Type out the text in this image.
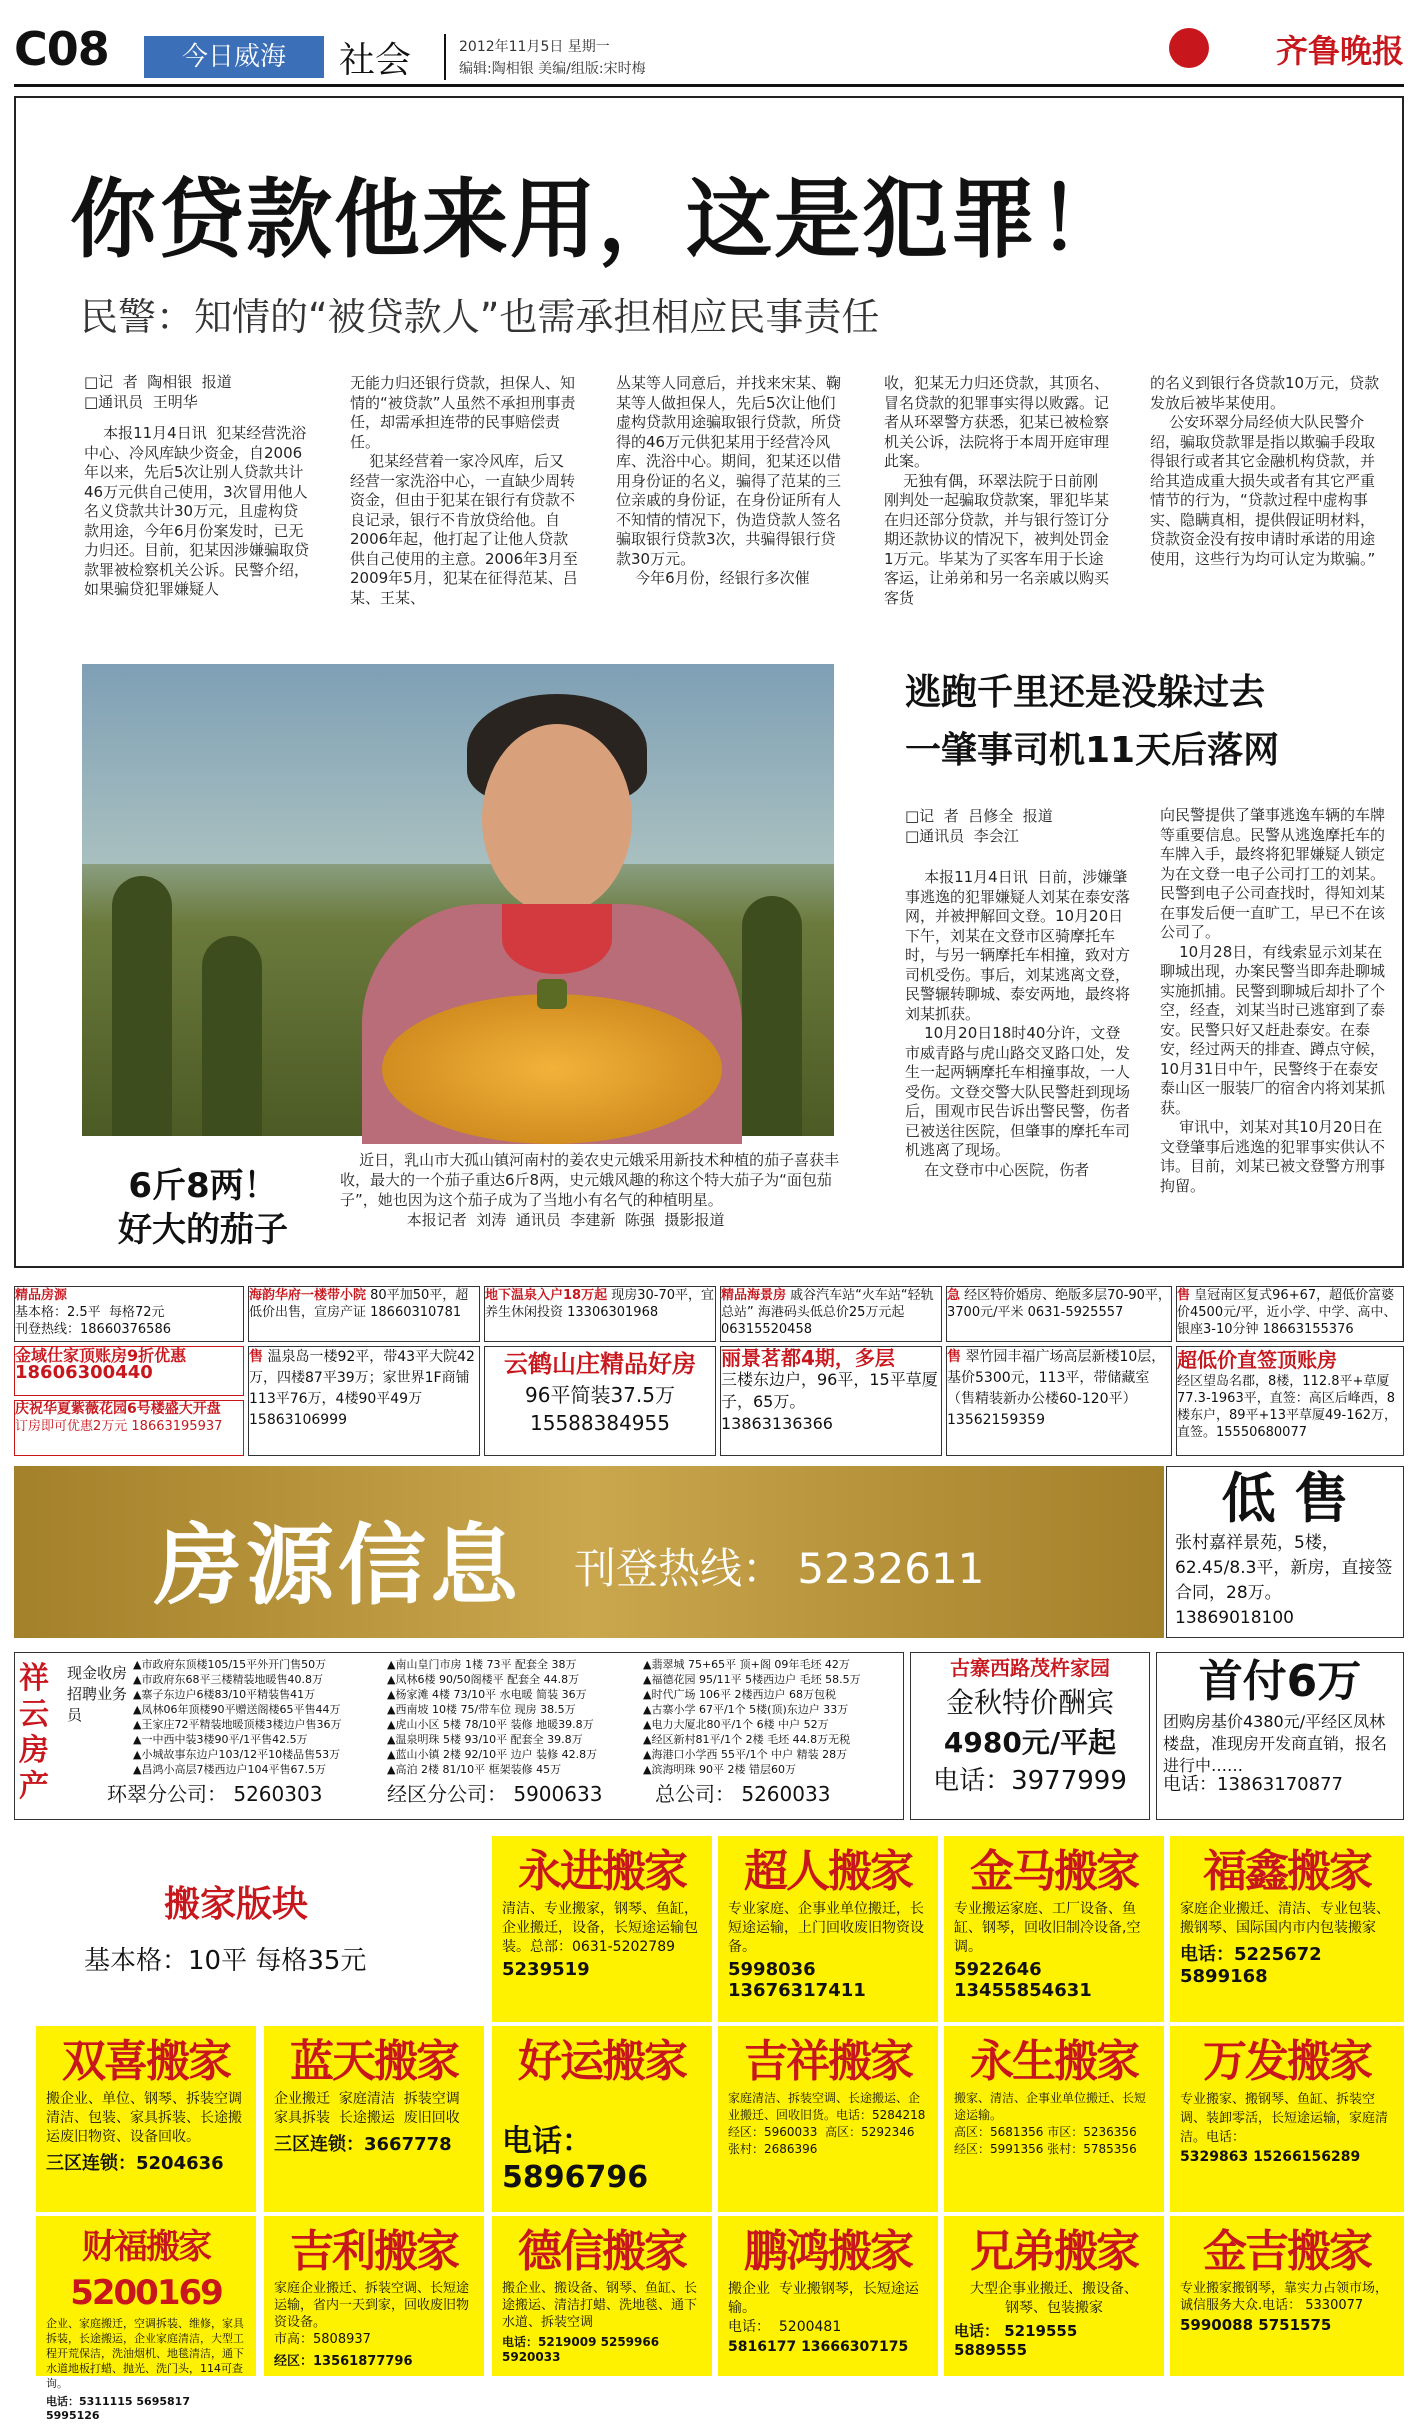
C08	今日威海	社会	2012年11月5日 星期一
编辑:陶相银 美编/组版:宋时梅	齐鲁晚报
你贷款他来用，这是犯罪！
民警：知情的“被贷款人”也需承担相应民事责任
□记  者  陶相银  报道
□通讯员  王明华
本报11月4日讯  犯某经营洗浴中心、冷风库缺少资金，自2006年以来，先后5次让别人贷款共计46万元供自己使用，3次冒用他人名义贷款共计30万元，且虚构贷款用途，今年6月份案发时，已无力归还。目前，犯某因涉嫌骗取贷款罪被检察机关公诉。民警介绍，如果骗贷犯罪嫌疑人
无能力归还银行贷款，担保人、知情的“被贷款”人虽然不承担刑事责任，却需承担连带的民事赔偿责任。
犯某经营着一家冷风库，后又经营一家洗浴中心，一直缺少周转资金，但由于犯某在银行有贷款不良记录，银行不肯放贷给他。自2006年起，他打起了让他人贷款供自己使用的主意。2006年3月至2009年5月，犯某在征得范某、吕某、王某、
丛某等人同意后，并找来宋某、鞠某等人做担保人，先后5次让他们虚构贷款用途骗取银行贷款，所贷得的46万元供犯某用于经营冷风库、洗浴中心。期间，犯某还以借用身份证的名义，骗得了范某的三位亲戚的身份证，在身份证所有人不知情的情况下，伪造贷款人签名骗取银行贷款3次，共骗得银行贷款30万元。
今年6月份，经银行多次催
收，犯某无力归还贷款，其顶名、冒名贷款的犯罪事实得以败露。记者从环翠警方获悉，犯某已被检察机关公诉，法院将于本周开庭审理此案。
无独有偶，环翠法院于日前刚刚判处一起骗取贷款案，罪犯毕某在归还部分贷款，并与银行签订分期还款协议的情况下，被判处罚金1万元。毕某为了买客车用于长途客运，让弟弟和另一名亲戚以购买客货
的名义到银行各贷款10万元，贷款发放后被毕某使用。
公安环翠分局经侦大队民警介绍，骗取贷款罪是指以欺骗手段取得银行或者其它金融机构贷款，并给其造成重大损失或者有其它严重情节的行为，“贷款过程中虚构事实、隐瞒真相，提供假证明材料，贷款资金没有按申请时承诺的用途使用，这些行为均可认定为欺骗。”
6斤8两！
好大的茄子
近日，乳山市大孤山镇河南村的姜农史元娥采用新技术种植的茄子喜获丰收，最大的一个茄子重达6斤8两，史元娥风趣的称这个特大茄子为“面包茄子”，她也因为这个茄子成为了当地小有名气的种植明星。
本报记者  刘涛  通讯员  李建新  陈强  摄影报道
逃跑千里还是没躲过去
一肇事司机11天后落网
□记  者  吕修全  报道
□通讯员  李会江
本报11月4日讯  日前，涉嫌肇事逃逸的犯罪嫌疑人刘某在泰安落网，并被押解回文登。10月20日下午，刘某在文登市区骑摩托车时，与另一辆摩托车相撞，致对方司机受伤。事后，刘某逃离文登，民警辗转聊城、泰安两地，最终将刘某抓获。
10月20日18时40分许，文登市威青路与虎山路交叉路口处，发生一起两辆摩托车相撞事故，一人受伤。文登交警大队民警赶到现场后，围观市民告诉出警民警，伤者已被送往医院，但肇事的摩托车司机逃离了现场。
在文登市中心医院，伤者
向民警提供了肇事逃逸车辆的车牌等重要信息。民警从逃逸摩托车的车牌入手，最终将犯罪嫌疑人锁定为在文登一电子公司打工的刘某。民警到电子公司查找时，得知刘某在事发后便一直旷工，早已不在该公司了。
10月28日，有线索显示刘某在聊城出现，办案民警当即奔赴聊城实施抓捕。民警到聊城后却扑了个空，经查，刘某当时已逃窜到了泰安。民警只好又赶赴泰安。在泰安，经过两天的排查、蹲点守候，10月31日中午，民警终于在泰安泰山区一服装厂的宿舍内将刘某抓获。
审讯中，刘某对其10月20日在文登肇事后逃逸的犯罪事实供认不讳。目前，刘某已被文登警方刑事拘留。
精品房源
基本格：2.5平  每格72元
刊登热线：18660376586
海韵华府一楼带小院 80平加50平，超低价出售，宣房产证 18660310781
地下温泉入户18万起 现房30-70平，宜养生休闲投资 13306301968
精品海景房 戚谷汽车站“火车站“轻轨总站” 海港码头低总价25万元起 06315520458
急 经区特价婚房、绝版多层70-90平，3700元/平米 0631-5925557
售 皇冠南区复式96+67，超低价富婆价4500元/平，近小学、中学、高中、银座3-10分钟 18663155376
金域仕家顶账房9折优惠
18606300440
庆祝华夏紫薇花园6号楼盛大开盘
订房即可优惠2万元 18663195937
售 温泉岛一楼92平，带43平大院42万，四楼87平39万；家世界1F商铺113平76万，4楼90平49万 15863106999
云鹤山庄精品好房
96平简装37.5万
15588384955
丽景茗都4期，多层
三楼东边户，96平，15平草厦子，65万。
13863136366
售 翠竹园丰福广场高层新楼10层，基价5300元，113平，带储藏室（售精装新办公楼60-120平）13562159359
超低价直签顶账房
经区望岛名郡，8楼，112.8平+草厦77.3-1963平，直签：高区后峰西，8楼东户，89平+13平草厦49-162万，直签。15550680077
房源信息 刊登热线： 5232611
低 售
张村嘉祥景苑，5楼，62.45/8.3平，新房，直接签合同，28万。13869018100
祥云房产
现金收房 招聘业务员
▲市政府东顶楼105/15平外开门售50万
▲市政府东68平三楼精装地暖售40.8万
▲寨子东边户6楼83/10平精装售41万
▲凤林06年顶楼90平赠送阁楼65平售44万
▲王家庄72平精装地暖顶楼3楼边户售36万
▲一中西中装3楼90平/1平售42.5万
▲小城故事东边户103/12平10楼品售53万
▲昌鸿小高层7楼西边户104平售67.5万
▲南山皇门市房 1楼 73平 配套全 38万
▲凤林6楼 90/50阁楼平 配套全 44.8万
▲杨家滩 4楼 73/10平 水电暖 简装 36万
▲西南坡 10楼 75/带车位 现房 38.5万
▲虎山小区 5楼 78/10平 装修 地暖39.8万
▲温泉明珠 5楼 93/10平 配套全 39.8万
▲蓝山小镇 2楼 92/10平 边户 装修 42.8万
▲高泊 2楼 81/10平 框架装修 45万
▲翡翠城 75+65平 顶+阁 09年毛坯 42万
▲福德花园 95/11平 5楼西边户 毛坯 58.5万
▲时代广场 106平 2楼西边户 68万包税
▲古寨小学 67平/1个 5楼(顶)东边户 33万
▲电力大厦北80平/1个 6楼 中户 52万
▲经区新村81平/1个 2楼 毛坯 44.8万无税
▲海港口小学西 55平/1个 中户 精装 28万
▲滨海明珠 90平 2楼 错层60万
环翠分公司： 5260303	经区分公司： 5900633	总公司： 5260033
古寨西路茂杵家园
金秋特价酬宾
4980元/平起
电话：3977999
首付6万
团购房基价4380元/平经区凤林楼盘，准现房开发商直销，报名进行中……
电话：13863170877
搬家版块
基本格：10平 每格35元
永进搬家
清洁、专业搬家，钢琴、鱼缸，企业搬迁，设备，长短途运输包装。总部：0631-5202789
5239519
超人搬家
专业家庭、企事业单位搬迁，长短途运输，上门回收废旧物资设备。
5998036 13676317411
金马搬家
专业搬运家庭、工厂设备、鱼缸、钢琴，回收旧制冷设备,空调。
5922646 13455854631
福鑫搬家
家庭企业搬迁、清洁、专业包装、搬钢琴、国际国内市内包装搬家
电话：5225672 5899168
双喜搬家
搬企业、单位、钢琴、拆装空调清洁、包装、家具拆装、长途搬运废旧物资、设备回收。
三区连锁：5204636
蓝天搬家
企业搬迁  家庭清洁  拆装空调
家具拆装  长途搬运  废旧回收
三区连锁：3667778
好运搬家
电话：5896796
吉祥搬家
家庭清洁、拆装空调、长途搬运、企业搬迁、回收旧货。电话：5284218
经区：5960033  高区：5292346
张村：2686396
永生搬家
搬家、清洁、企事业单位搬迁、长短途运输。
高区：5681356 市区：5236356
经区：5991356 张村：5785356
万发搬家
专业搬家、搬钢琴、鱼缸、拆装空调、装卸零活，长短途运输，家庭清洁。电话：
5329863 15266156289
财福搬家5200169
企业、家庭搬迁，空调拆装、维修，家具拆装，长途搬运，企业家庭清洁，大型工程开荒保洁，洗油烟机、地毯清洁，通下水道地板打蜡、抛光、洗门头，114可查询。
电话：5311115 5695817 5995126
吉利搬家
家庭企业搬迁、拆装空调、长短途运输，省内一天到家，回收废旧物资设备。
市高：5808937
经区：13561877796
德信搬家
搬企业、搬设备、钢琴、鱼缸、长途搬运、清洁打蜡、洗地毯、通下水道、拆装空调
电话：5219009 5259966 5920033
鹏鸿搬家
搬企业  专业搬钢琴，长短途运输。
电话：  5200481
5816177 13666307175
兄弟搬家
大型企事业搬迁、搬设备、
钢琴、包装搬家
电话： 5219555 5889555
金吉搬家
专业搬家搬钢琴，靠实力占领市场，诚信服务大众.电话： 5330077
5990088 5751575
